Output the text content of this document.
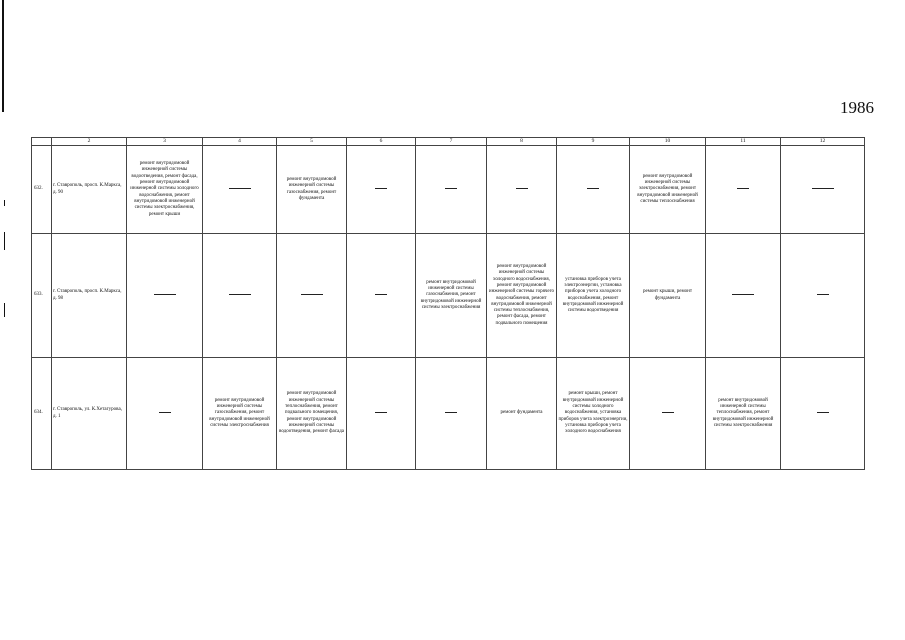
1986
	2	3	4	5	6	7	8	9	10	11	12
632.	г. Ставрополь, просп. К.Маркса, д. 90	ремонт внутридомовой инженерной системы водоотведения, ремонт фасада, ремонт внутридомовой инженерной системы холодного водоснабжения, ремонт внутридомовой инженерной системы электроснабжения, ремонт крыши		ремонт внутридомовой инженерной системы газоснабжения, ремонт фундамента					ремонт внутридомовой инженерной системы электроснабжения, ремонт внутридомовой инженерной системы теплоснабжения		
633.	г. Ставрополь, просп. К.Маркса, д. 98					ремонт внутридомовой инженерной системы газоснабжения, ремонт внутридомовой инженерной системы электроснабжения	ремонт внутридомовой инженерной системы холодного водоснабжения, ремонт внутридомовой инженерной системы горячего водоснабжения, ремонт внутридомовой инженерной системы теплоснабжения, ремонт фасада, ремонт подвального помещения	установка приборов учета электроэнергии, установка приборов учета холодного водоснабжения, ремонт внутридомовой инженерной системы водоотведения	ремонт крыши, ремонт фундамента		
634.	г. Ставрополь, ул. К.Хетагурова, д. 1		ремонт внутридомовой инженерной системы газоснабжения, ремонт внутридомовой инженерной системы электроснабжения	ремонт внутридомовой инженерной системы теплоснабжения, ремонт подвального помещения, ремонт внутридомовой инженерной системы водоотведения, ремонт фасада			ремонт фундамента	ремонт крыши, ремонт внутридомовой инженерной системы холодного водоснабжения, установка приборов учета электроэнергии, установка приборов учета холодного водоснабжения		ремонт внутридомовой инженерной системы теплоснабжения, ремонт внутридомовой инженерной системы электроснабжения	
